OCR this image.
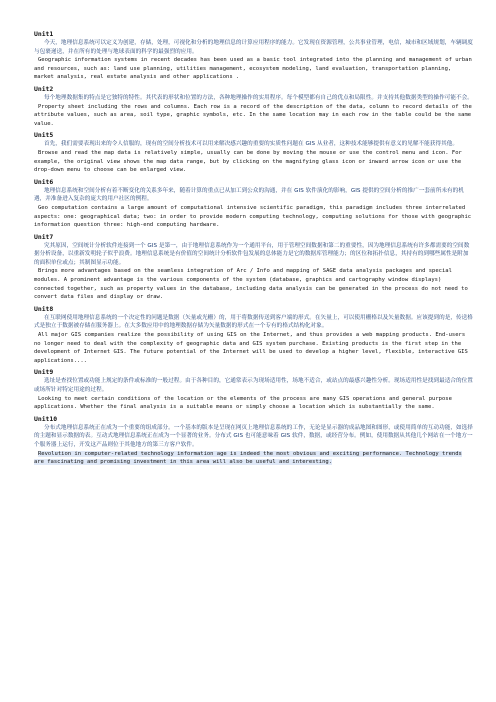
Unit1

今天，地理信息系统可以定义为创建，存储，处理，可视化和分析的地理信息的计算应用程序的能力。它发现在资源管理，公共事业管理，电信，城市和区域规划，车辆调度与包裹递送，并在所有的处理与地球表面的科学的最强烈的应用。

Geographic information systems in recent decades has been used as a basic tool integrated into the planning and management of urban and resources, such as: land use planning, utilities management, ecosystem modeling, land evaluation, transportation planning, market analysis, real estate analysis and other applications .

Unit2

每个地理数据集的特点是它独特的特性。其代表的形状和位置的方法，各种地理操作的实用程序。每个模型都有自己的优点和局限性。并支持其他数据类型的操作可能不会。

Property sheet including the rows and columns. Each row is a record of the description of the data, column to record details of the attribute values, such as area, soil type, graphic symbols, etc. In the same location may in each row in the table could be the same value.

Unit5

首先，我们需要表现出来的令人信服的，现有的空间分析技术可以用来解决感兴趣的重要的实质性问题在 GIS 从业者，这种技术能够提供有意义的见解不能获得其他。

Browse and read the map data is relatively simple, usually can be done by moving the mouse or use the control menu and icon. For example, the original view shows the map data range, but by clicking on the magnifying glass icon or inward arrow icon or use the drop-down menu to choose can be enlarged view.

Unit6

地理信息系统和空间分析有着不断变化的关系多年来，随着计算的重点已从加工到公众的沟通，并在 GIS 软件演化的影响，GIS 提供的空间分析的推广一套前所未有的机遇，并准备进入复杂的庞大的用户社区的例程。

Geo computation contains a large amount of computational intensive scientific paradigm, this paradigm includes three interrelated aspects: one: geographical data; two: in order to provide modern computing technology, computing solutions for those with geographic information question three: high-end computing hardware.

Unit7

究其原因，空间统计分析软件连接到一个 GIS 是第一，由于地理信息系统作为一个通用平台，用于管理空间数据和第二的重要性，因为地理信息系统有许多都需要的空间数据分析设备，以重新发明轮子似乎浪费。地理信息系统是有价值的空间统计分析软件包发展的总体能力是它的数据库管理能力；的区位和拓扑信息，其持有的到哪些属性是附加的面积单位或点；其制图显示功能。

Brings more advantages based on the seamless integration of Arc / Info and mapping of SAGE data analysis packages and special modules. A prominent advantage is the various components of the system (database, graphics and cartography window displays) connected together, such as property values in the database, including data analysis can be generated in the process do not need to convert data files and display or draw.

Unit8

在互联网使用地理信息系统的一个决定性的问题是数据（矢量或光栅）的，用于将数据传送到客户端的形式。在矢量上，可以使用栅格以及矢量数据。应该提到的是，传送格式是独立于数据被存储在服务器上。在大多数应用中的地理数据存储为矢量数据的形式在一个专有的格式结构化对象。

All major GIS companies realize the possibility of using GIS on the Internet, and thus provides a web mapping products. End-users no longer need to deal with the complexity of geographic data and GIS system purchase. Existing products is the first step in the development of Internet GIS. The future potential of the Internet will be used to develop a higher level, flexible, interactive GIS applications....

Unit9

选址是查找位置或功能上规定的条件或标准的一般过程。由于各种目的，它通常表示为现场适用性，场地不适合，或站点的最感兴趣性分析。现场适用性是找到最适合的位置或场所针对特定用途的过程。

Looking to meet certain conditions of the location or the elements of the process are many GIS operations and general purpose applications. Whether the final analysis is a suitable means or simply choose a location which is substantially the same.

Unit10

分布式地理信息系统正在成为一个重要的组成部分。一个基本的版本是呈现在网页上地理信息系统的工作，无论是显示器的成品地图和图形，或使用简单的互动功能，如选择的主题和显示数据的表。互动式地理信息系统正在成为一个显著的业务。分布式 GIS 也可能意味着 GIS 软件，数据，或经营分布。例如，使用数据从其他几个网站在一个地方一个服务器上运行，开发这产品则位于其他地方的第三方客户软件。

Revolution in computer-related technology information age is indeed the most obvious and exciting performance. Technology trends are fascinating and promising investment in this area will also be useful and interesting.
